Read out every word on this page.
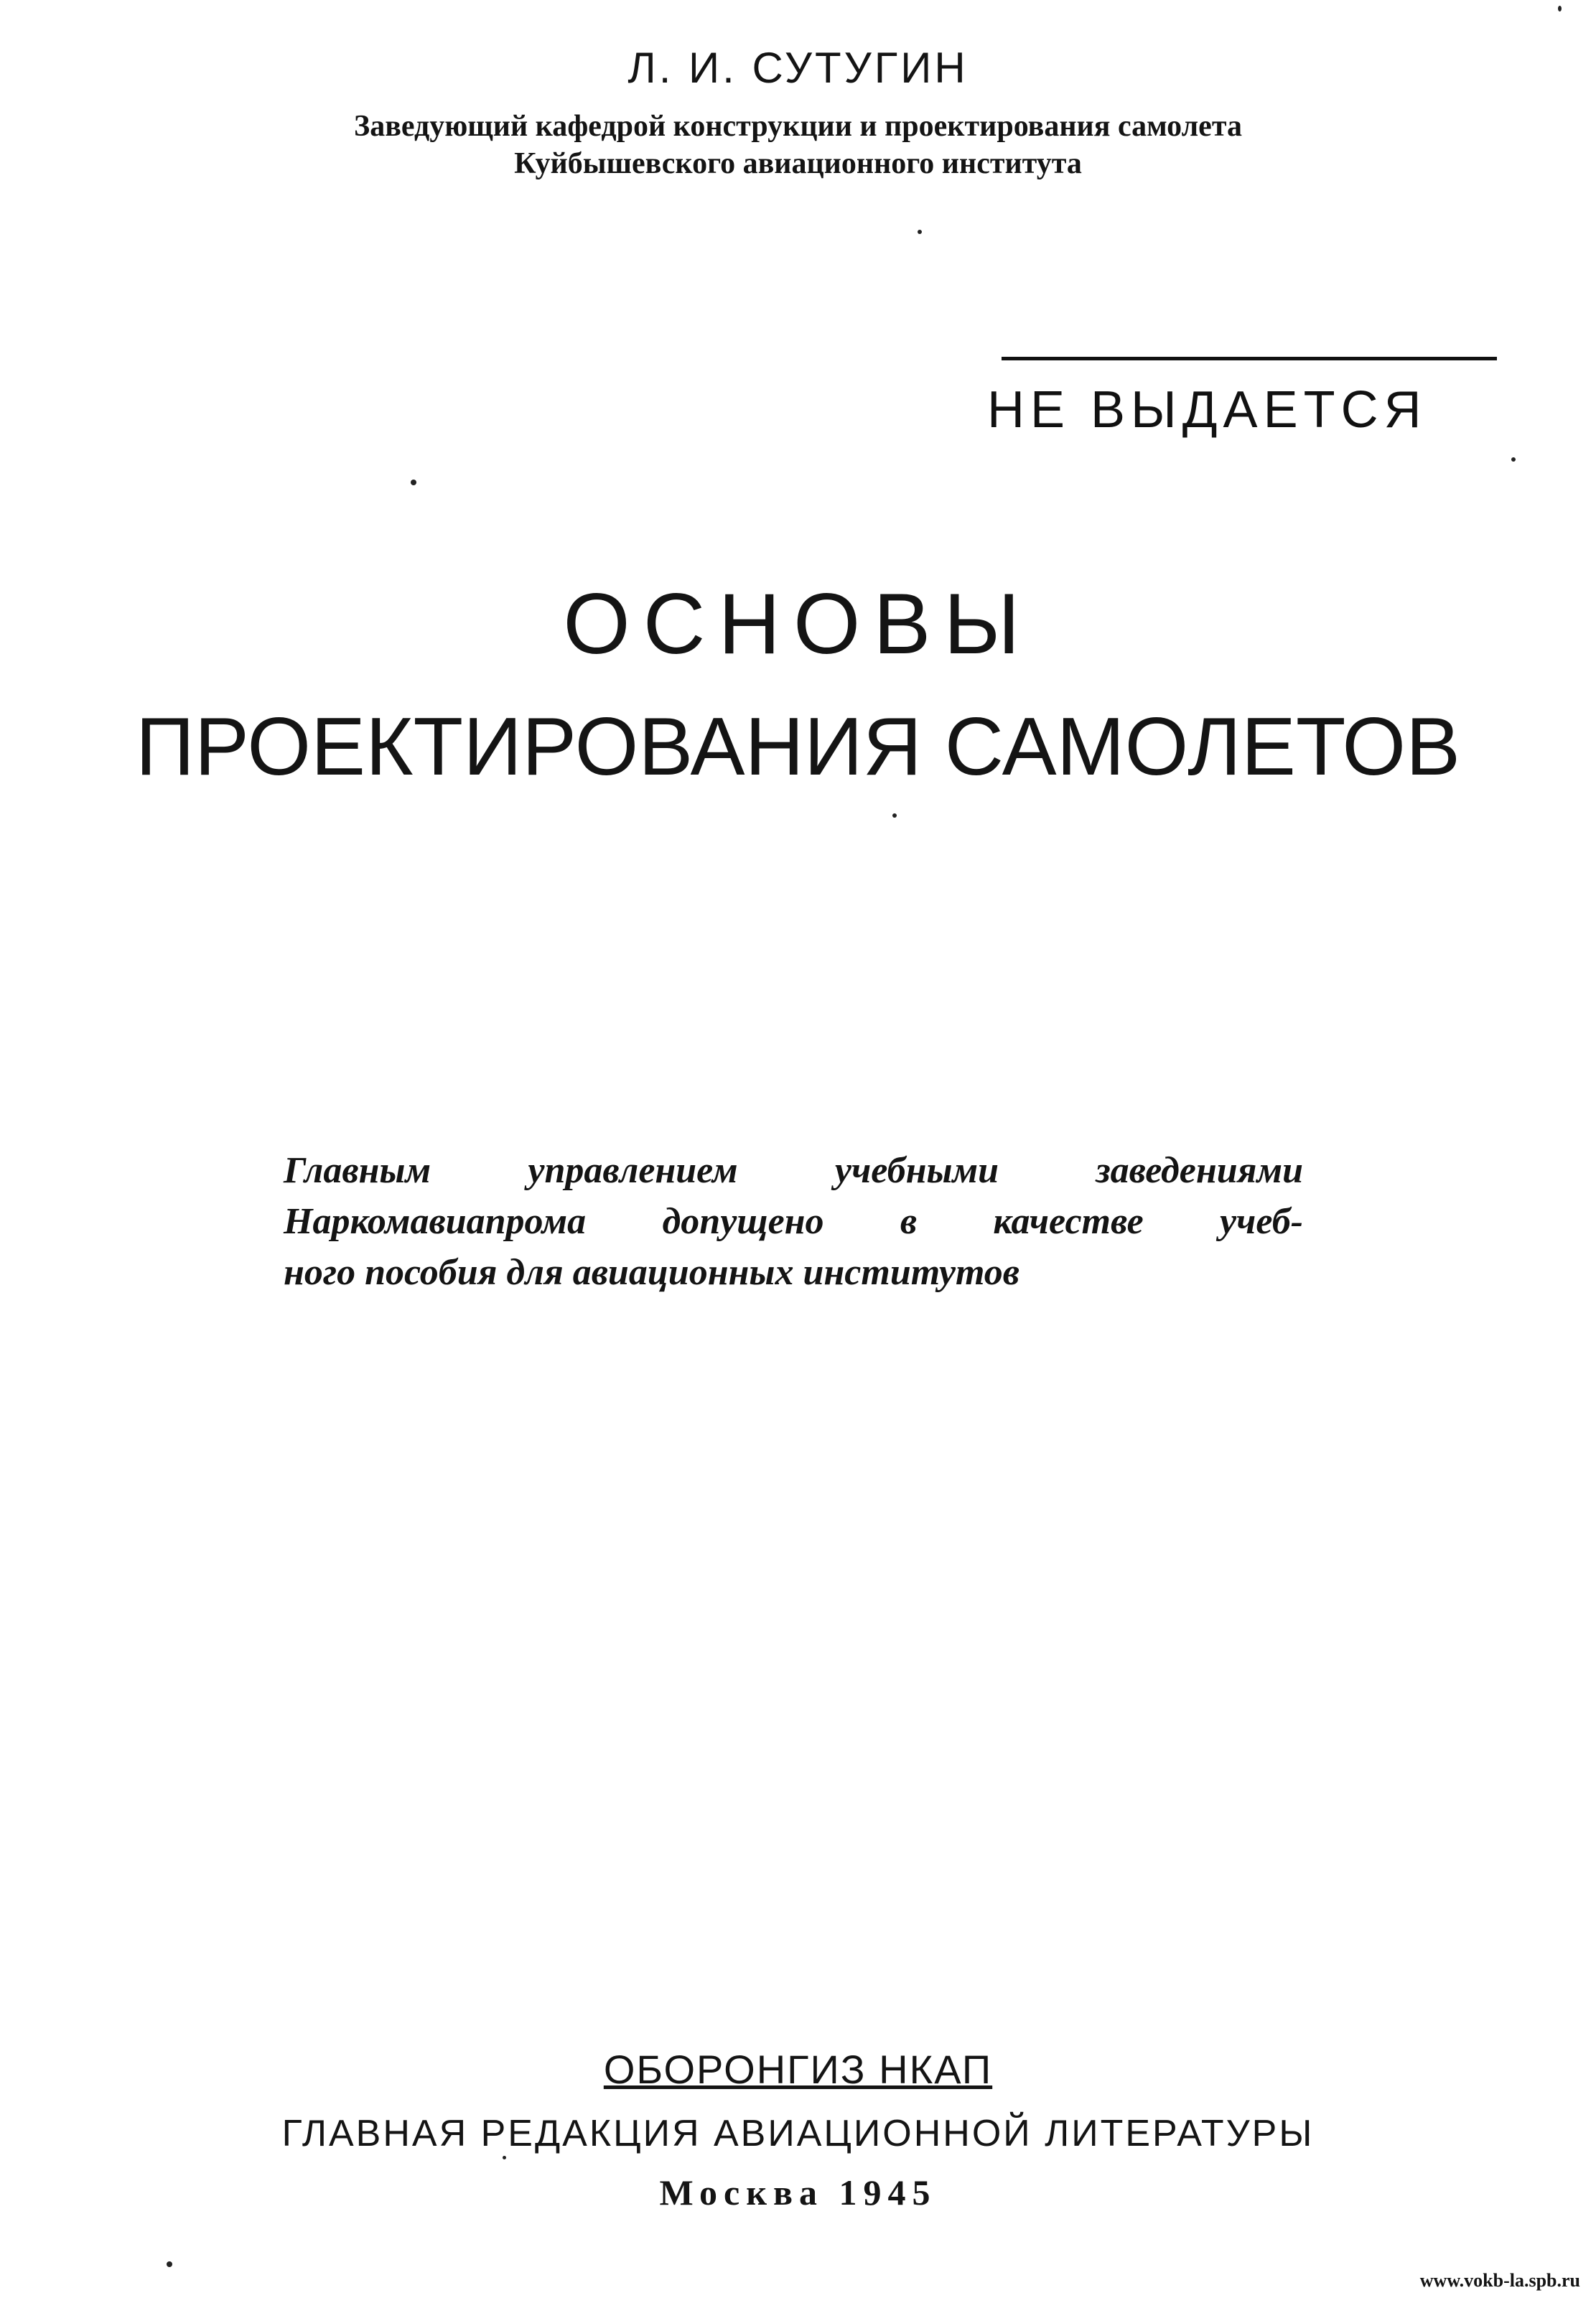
Л. И. СУТУГИН
Заведующий кафедрой конструкции и проектирования самолета
Куйбышевского авиационного института
НЕ ВЫДАЕТСЯ
ОСНОВЫ
ПРОЕКТИРОВАНИЯ САМОЛЕТОВ
Главным управлением учебными заведениями
Наркомавиапрома допущено в качестве учеб-
ного пособия для авиационных институтов
ОБОРОНГИЗ НКАП
ГЛАВНАЯ РЕДАКЦИЯ АВИАЦИОННОЙ ЛИТЕРАТУРЫ
Москва 1945
www.vokb-la.spb.ru
